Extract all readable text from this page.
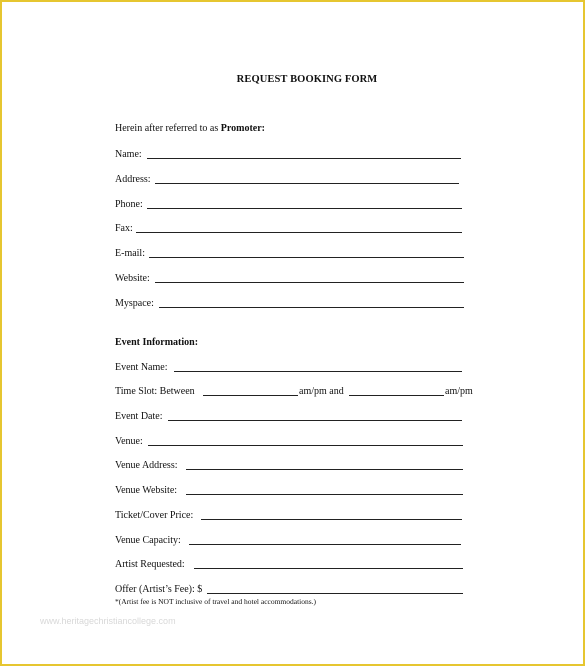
REQUEST BOOKING FORM
Herein after referred to as Promoter:
Name:
Address:
Phone:
Fax:
E-mail:
Website:
Myspace:
Event Information:
Event Name:
Time Slot: Between	am/pm and	am/pm
Event Date:
Venue:
Venue Address:
Venue Website:
Ticket/Cover Price:
Venue Capacity:
Artist Requested:
Offer (Artist’s Fee): $
*(Artist fee is NOT inclusive of travel and hotel accommodations.)
www.heritagechristiancollege.com
